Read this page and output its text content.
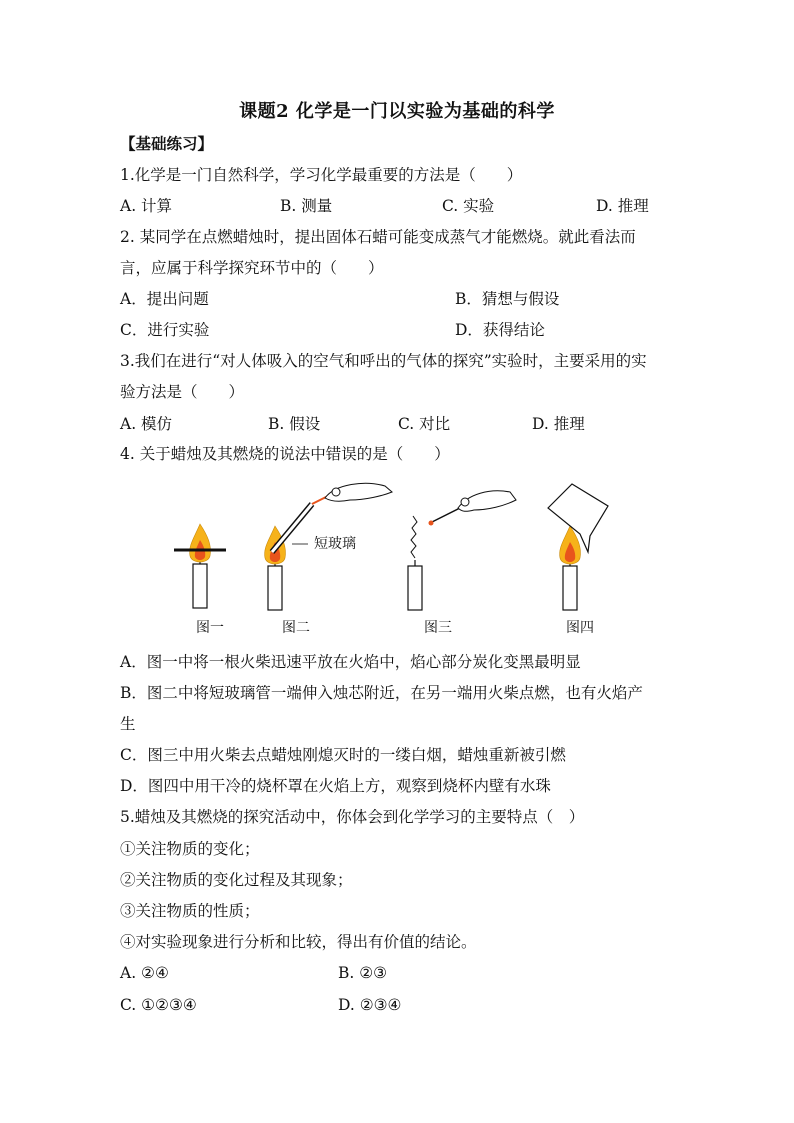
课题2 化学是一门以实验为基础的科学
【基础练习】
1.化学是一门自然科学，学习化学最重要的方法是（　　）
A. 计算	B. 测量	C. 实验	D. 推理
2. 某同学在点燃蜡烛时，提出固体石蜡可能变成蒸气才能燃烧。就此看法而
言，应属于科学探究环节中的（　　）
A．提出问题	B．猜想与假设
C．进行实验	D．获得结论
3.我们在进行“对人体吸入的空气和呼出的气体的探究”实验时，主要采用的实
验方法是（　　）
A. 模仿	B. 假设	C. 对比	D. 推理
4. 关于蜡烛及其燃烧的说法中错误的是（　　）
短玻璃
图一	图二	图三	图四
A．图一中将一根火柴迅速平放在火焰中，焰心部分炭化变黑最明显
B．图二中将短玻璃管一端伸入烛芯附近，在另一端用火柴点燃，也有火焰产
生
C．图三中用火柴去点蜡烛刚熄灭时的一缕白烟，蜡烛重新被引燃
D．图四中用干冷的烧杯罩在火焰上方，观察到烧杯内壁有水珠
5.蜡烛及其燃烧的探究活动中，你体会到化学学习的主要特点（　）
①关注物质的变化；
②关注物质的变化过程及其现象；
③关注物质的性质；
④对实验现象进行分析和比较，得出有价值的结论。
A. ②④	B. ②③
C. ①②③④	D. ②③④
